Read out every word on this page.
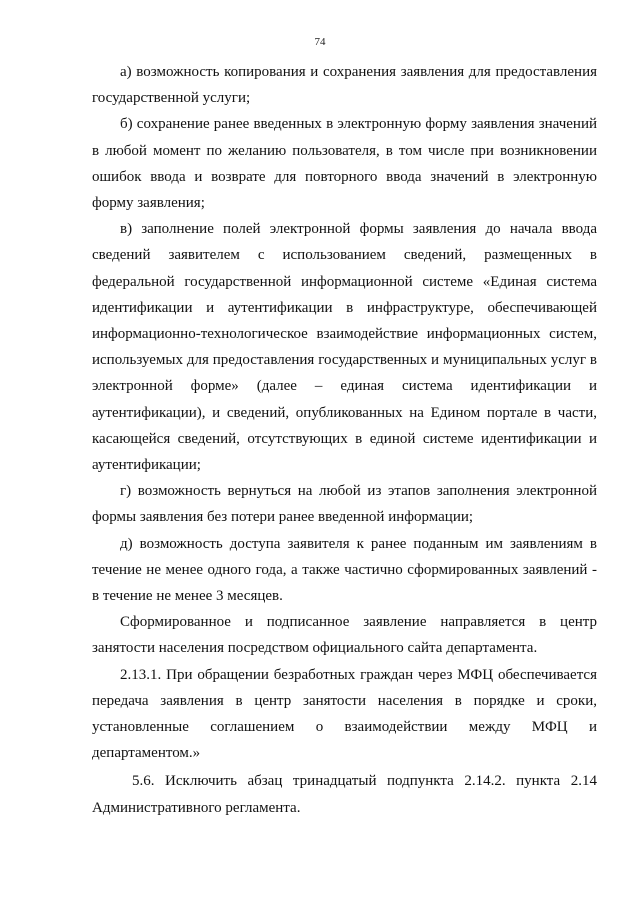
74

а) возможность копирования и сохранения заявления для предоставления государственной услуги;

б) сохранение ранее введенных в электронную форму заявления значений в любой момент по желанию пользователя, в том числе при возникновении ошибок ввода и возврате для повторного ввода значений в электронную форму заявления;

в) заполнение полей электронной формы заявления до начала ввода сведений заявителем с использованием сведений, размещенных в федеральной государственной информационной системе «Единая система идентификации и аутентификации в инфраструктуре, обеспечивающей информационно-технологическое взаимодействие информационных систем, используемых для предоставления государственных и муниципальных услуг в электронной форме» (далее – единая система идентификации и аутентификации), и сведений, опубликованных на Едином портале в части, касающейся сведений, отсутствующих в единой системе идентификации и аутентификации;

г) возможность вернуться на любой из этапов заполнения электронной формы заявления без потери ранее введенной информации;

д) возможность доступа заявителя к ранее поданным им заявлениям в течение не менее одного года, а также частично сформированных заявлений - в течение не менее 3 месяцев.

Сформированное и подписанное заявление направляется в центр занятости населения посредством официального сайта департамента.

2.13.1. При обращении безработных граждан через МФЦ обеспечивается передача заявления в центр занятости населения в порядке и сроки, установленные соглашением о взаимодействии между МФЦ и департаментом.»

5.6. Исключить абзац тринадцатый подпункта 2.14.2. пункта 2.14 Административного регламента.
